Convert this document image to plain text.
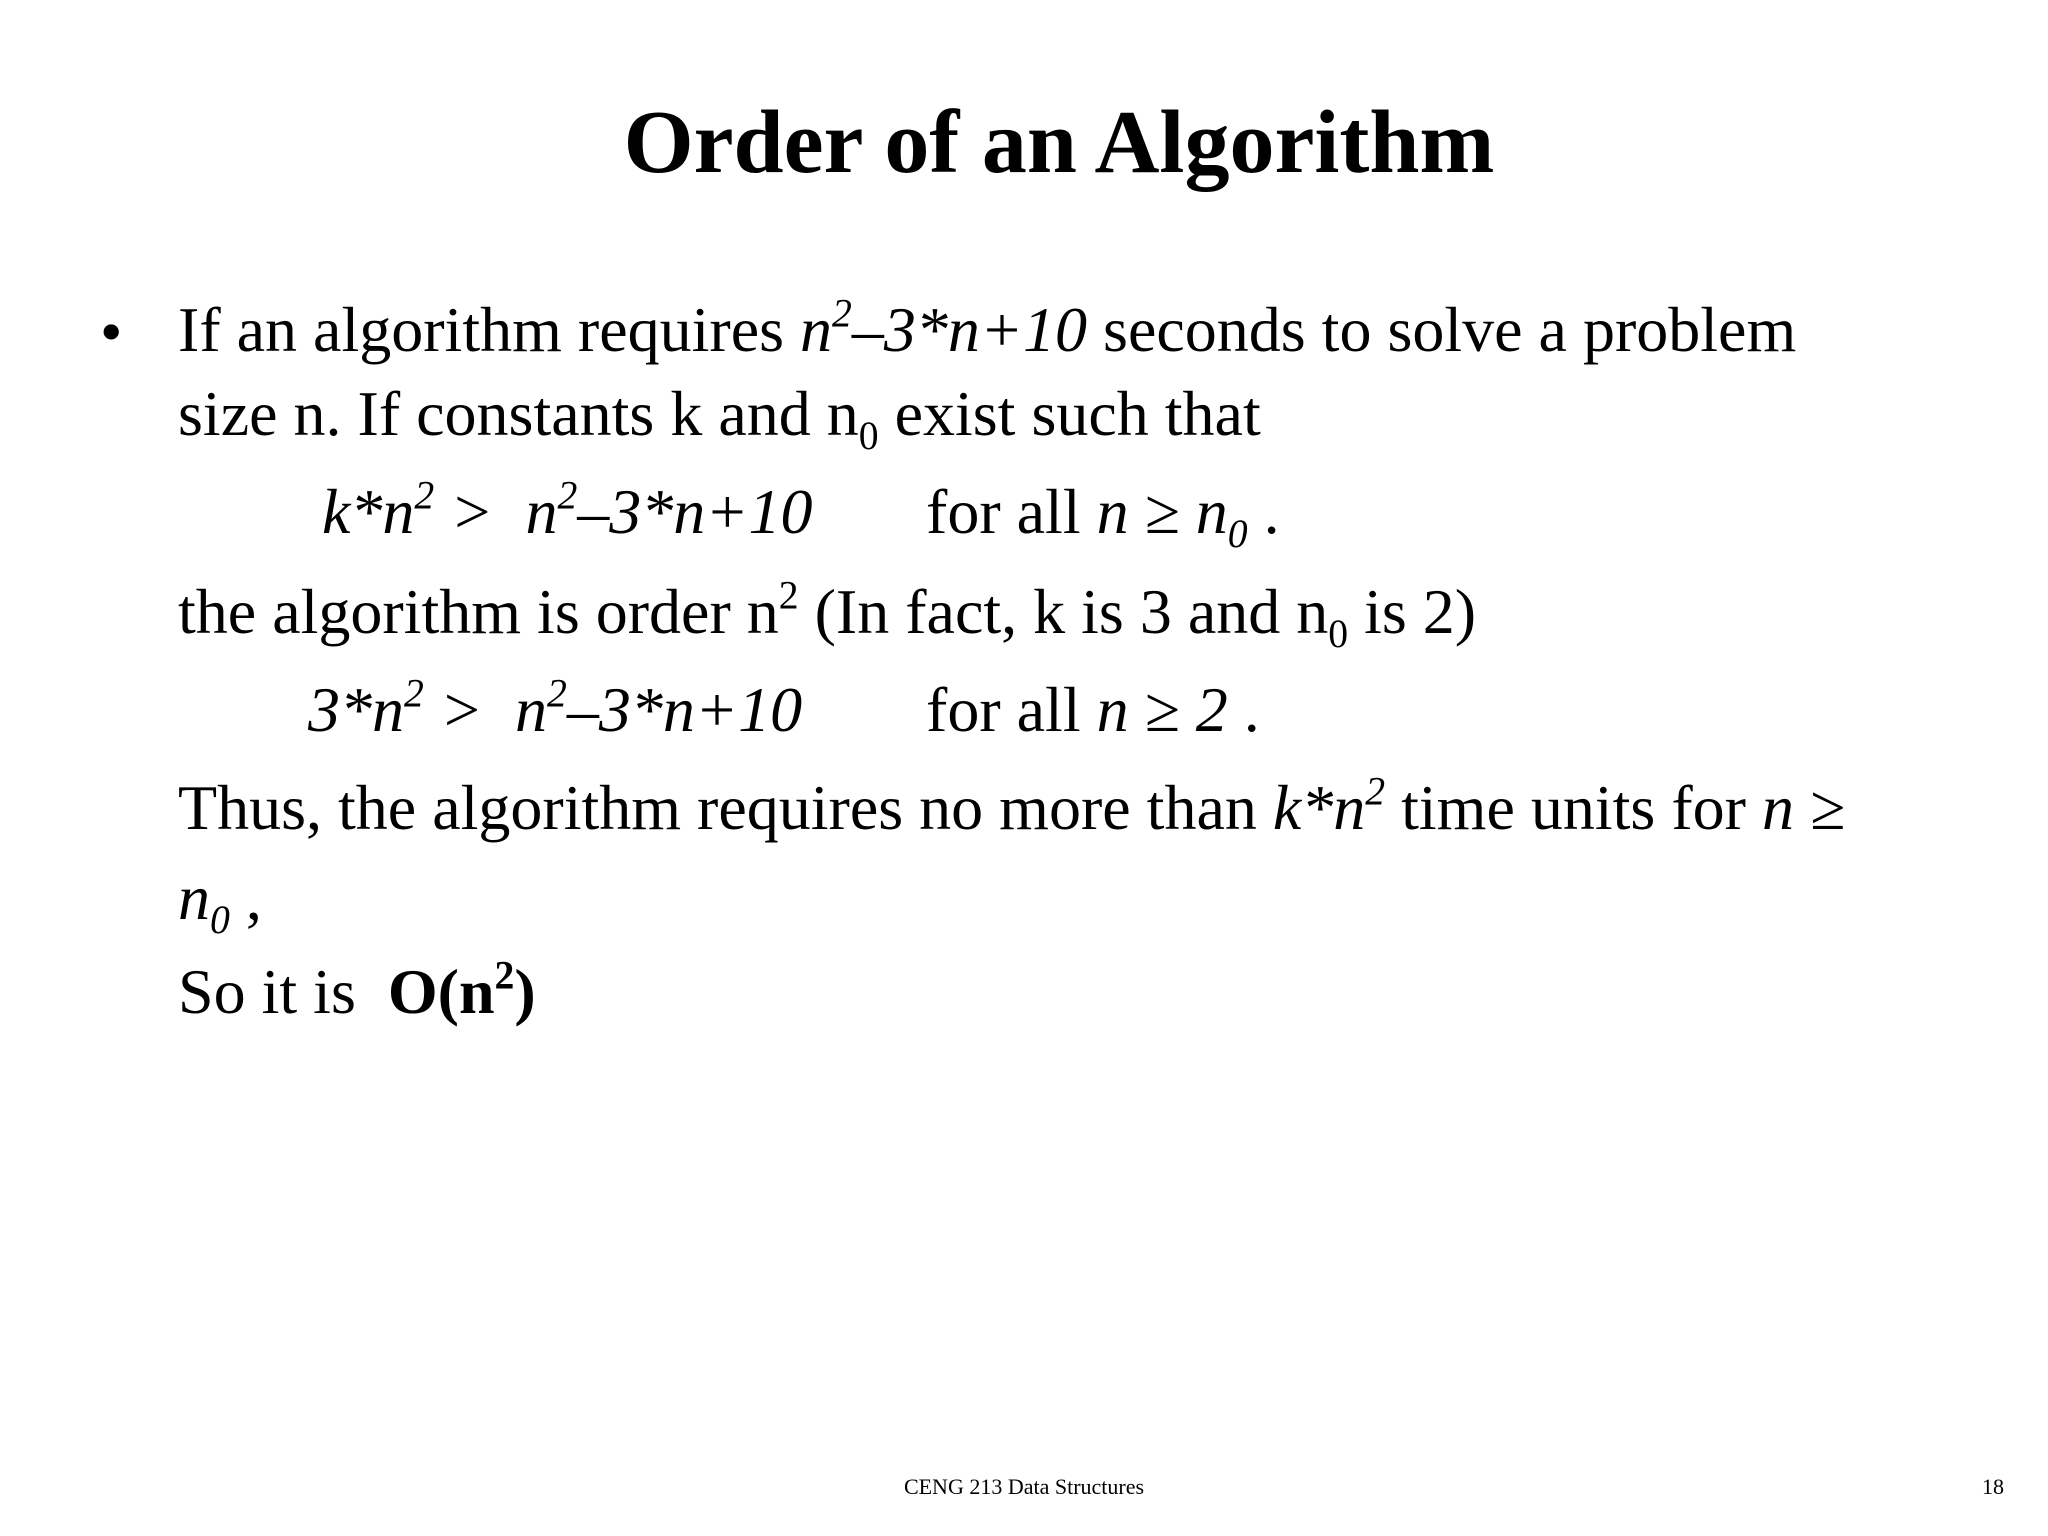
Order of an Algorithm
• If an algorithm requires $n^2-3*n+10$ seconds to solve a problem
size n. If constants k and $n_0$ exist such that
$k*n^2 > n^2-3*n+10$ for all $n \ge n_0$ .
the algorithm is order $n^2$ (In fact, k is 3 and $n_0$ is 2)
$3*n^2 > n^2-3*n+10$ for all n ≥ 2 .
Thus, the algorithm requires no more than $k*n^2$ time units for n ≥
$n_0$ ,
So it is  $O(n^2)$
CENG 213 Data Structures	18
